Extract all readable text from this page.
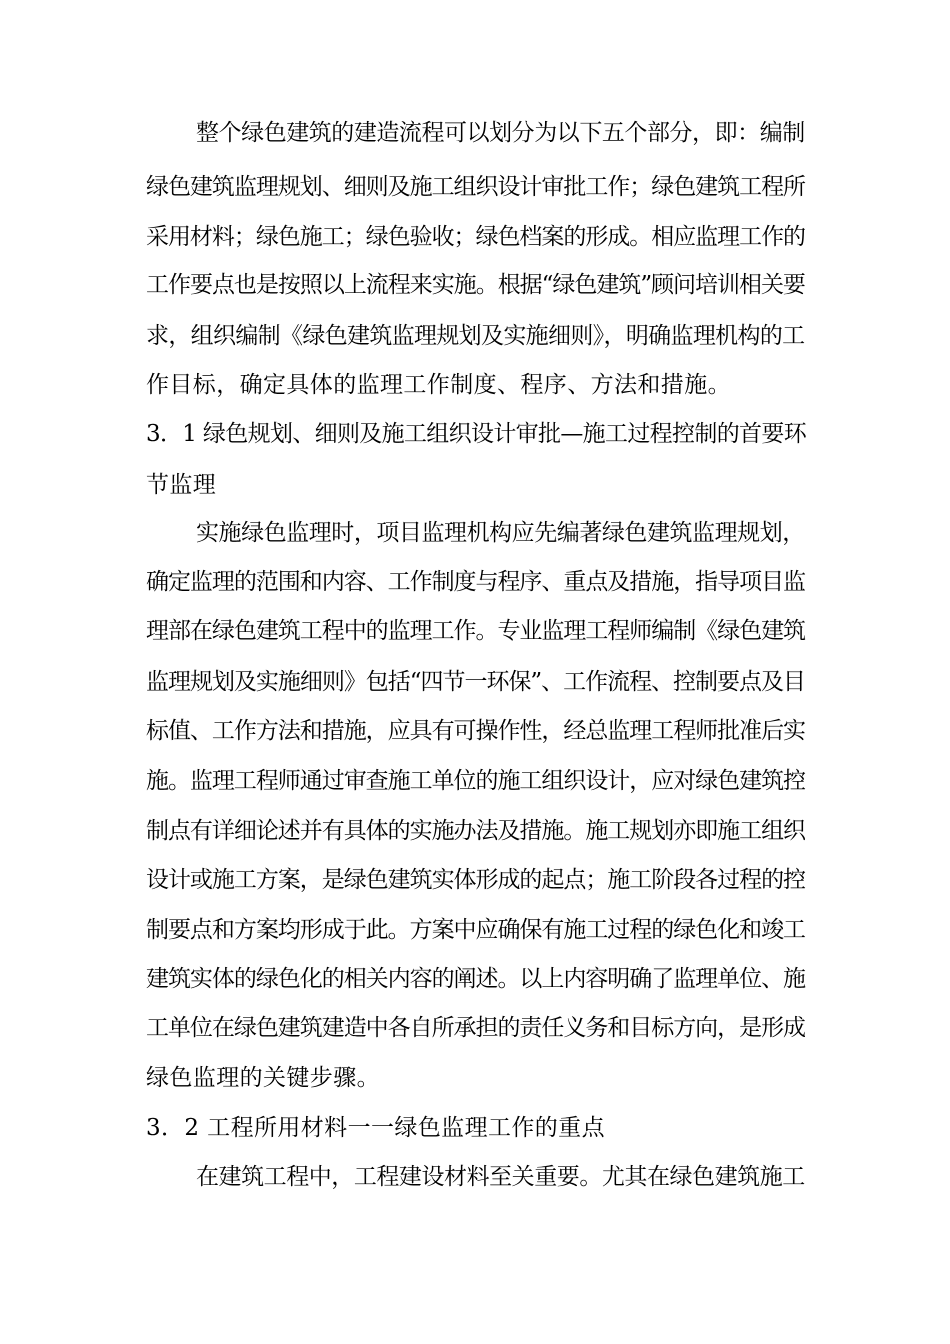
整个绿色建筑的建造流程可以划分为以下五个部分，即：编制
绿色建筑监理规划、细则及施工组织设计审批工作；绿色建筑工程所
采用材料；绿色施工；绿色验收；绿色档案的形成。相应监理工作的
工作要点也是按照以上流程来实施。根据“绿色建筑”顾问培训相关要
求，组织编制《绿色建筑监理规划及实施细则》，明确监理机构的工
作目标，确定具体的监理工作制度、程序、方法和措施。
3．1 绿色规划、细则及施工组织设计审批—施工过程控制的首要环
节监理
实施绿色监理时，项目监理机构应先编著绿色建筑监理规划，
确定监理的范围和内容、工作制度与程序、重点及措施，指导项目监
理部在绿色建筑工程中的监理工作。专业监理工程师编制《绿色建筑
监理规划及实施细则》包括“四节一环保”、工作流程、控制要点及目
标值、工作方法和措施，应具有可操作性，经总监理工程师批准后实
施。监理工程师通过审查施工单位的施工组织设计，应对绿色建筑控
制点有详细论述并有具体的实施办法及措施。施工规划亦即施工组织
设计或施工方案，是绿色建筑实体形成的起点；施工阶段各过程的控
制要点和方案均形成于此。方案中应确保有施工过程的绿色化和竣工
建筑实体的绿色化的相关内容的阐述。以上内容明确了监理单位、施
工单位在绿色建筑建造中各自所承担的责任义务和目标方向，是形成
绿色监理的关键步骤。
3．2 工程所用材料一一绿色监理工作的重点
在建筑工程中，工程建设材料至关重要。尤其在绿色建筑施工
